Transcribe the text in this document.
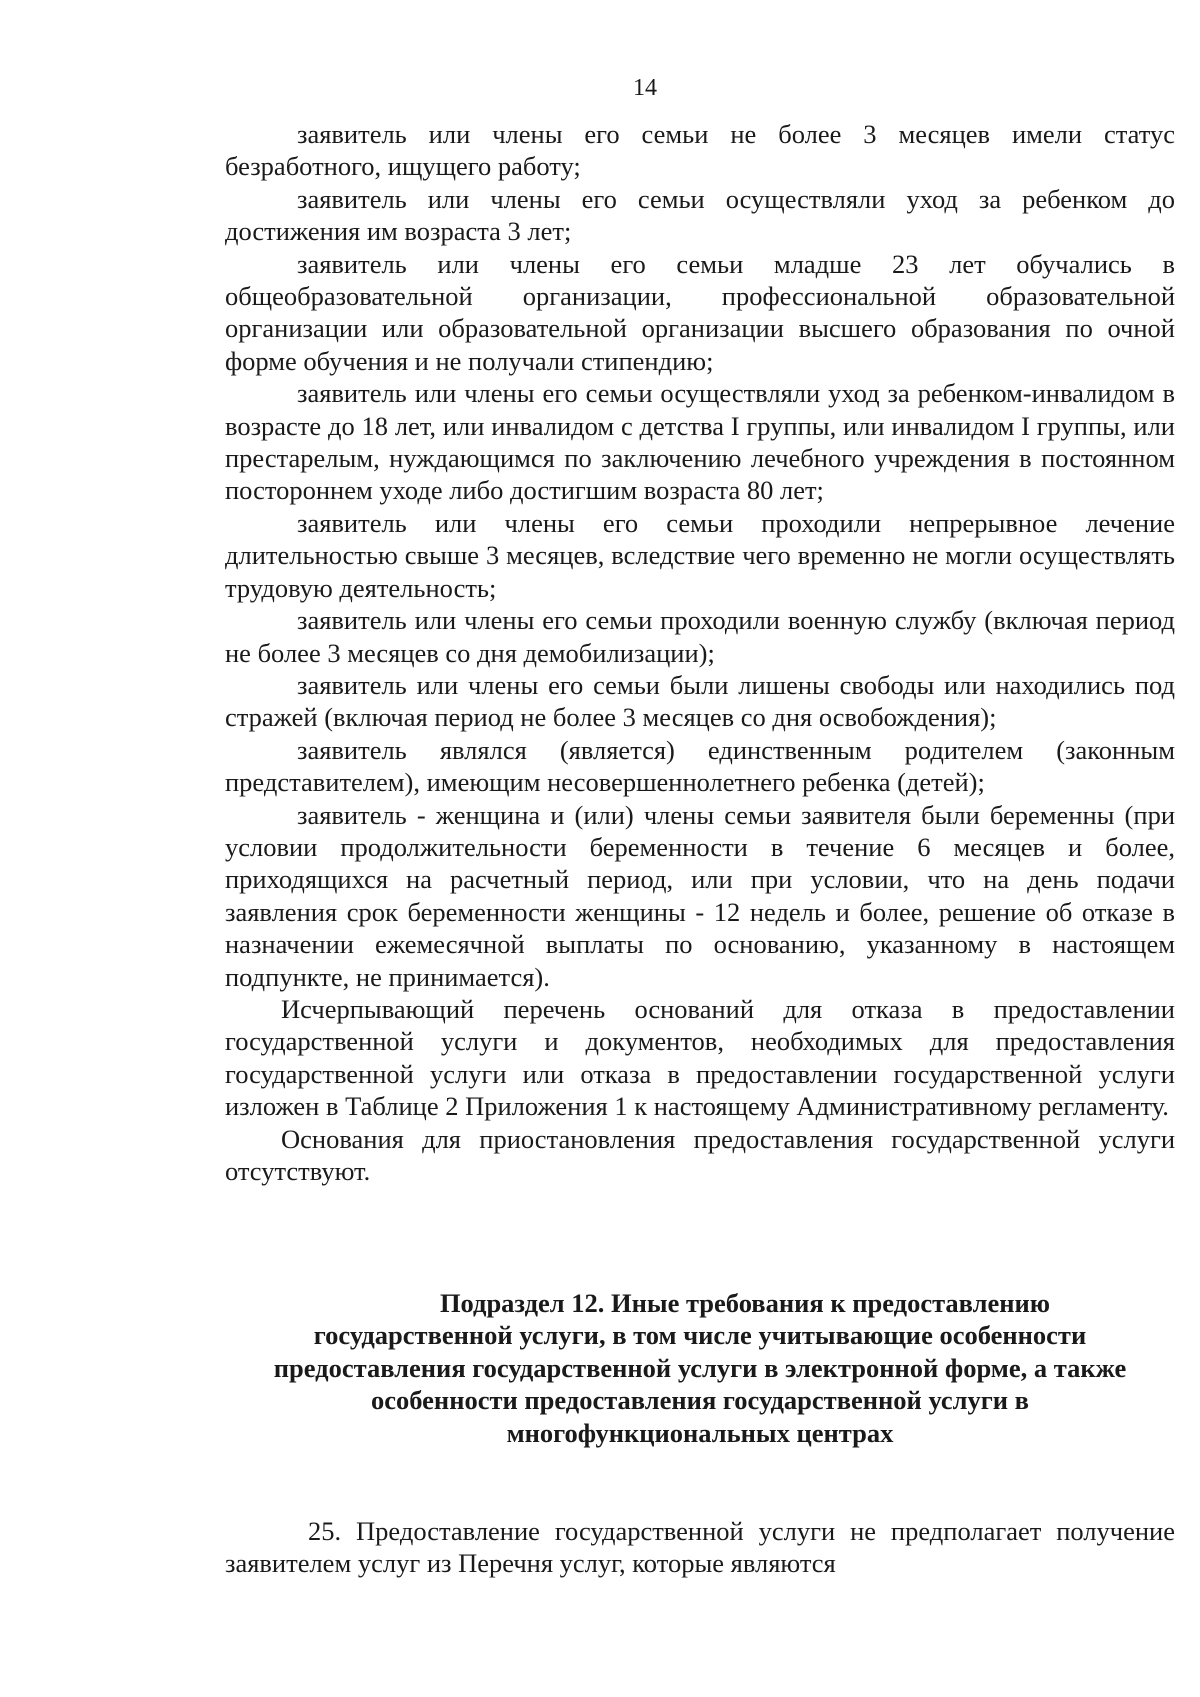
14

заявитель или члены его семьи не более 3 месяцев имели статус безработного, ищущего работу;

заявитель или члены его семьи осуществляли уход за ребенком до достижения им возраста 3 лет;

заявитель или члены его семьи младше 23 лет обучались в общеобразовательной организации, профессиональной образовательной организации или образовательной организации высшего образования по очной форме обучения и не получали стипендию;

заявитель или члены его семьи осуществляли уход за ребенком-инвалидом в возрасте до 18 лет, или инвалидом с детства I группы, или инвалидом I группы, или престарелым, нуждающимся по заключению лечебного учреждения в постоянном постороннем уходе либо достигшим возраста 80 лет;

заявитель или члены его семьи проходили непрерывное лечение длительностью свыше 3 месяцев, вследствие чего временно не могли осуществлять трудовую деятельность;

заявитель или члены его семьи проходили военную службу (включая период не более 3 месяцев со дня демобилизации);

заявитель или члены его семьи были лишены свободы или находились под стражей (включая период не более 3 месяцев со дня освобождения);

заявитель являлся (является) единственным родителем (законным представителем), имеющим несовершеннолетнего ребенка (детей);

заявитель - женщина и (или) члены семьи заявителя были беременны (при условии продолжительности беременности в течение 6 месяцев и более, приходящихся на расчетный период, или при условии, что на день подачи заявления срок беременности женщины - 12 недель и более, решение об отказе в назначении ежемесячной выплаты по основанию, указанному в настоящем подпункте, не принимается).

Исчерпывающий перечень оснований для отказа в предоставлении государственной услуги и документов, необходимых для предоставления государственной услуги или отказа в предоставлении государственной услуги изложен в Таблице 2 Приложения 1 к настоящему Административному регламенту.

Основания для приостановления предоставления государственной услуги отсутствуют.

Подраздел 12. Иные требования к предоставлению
государственной услуги, в том числе учитывающие особенности
предоставления государственной услуги в электронной форме, а также
особенности предоставления государственной услуги в
многофункциональных центрах

25. Предоставление государственной услуги не предполагает получение заявителем услуг из Перечня услуг, которые являются
